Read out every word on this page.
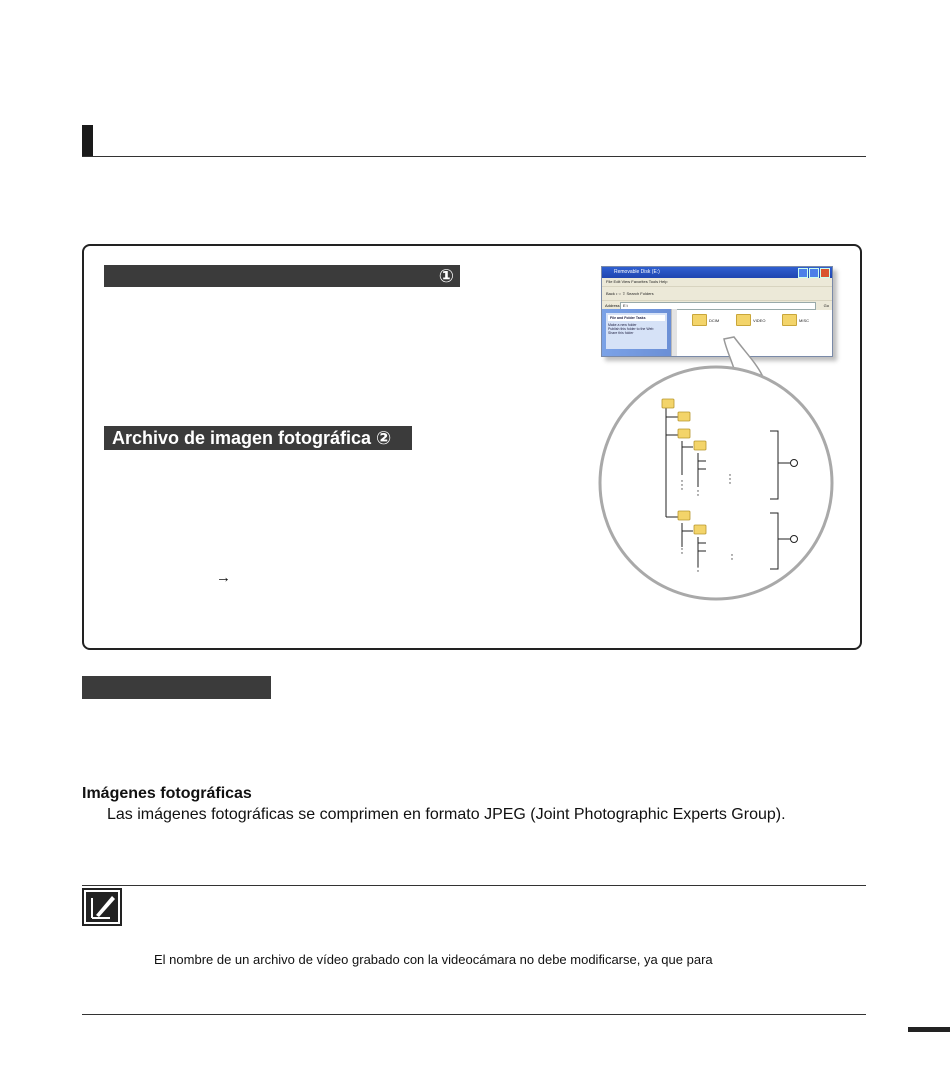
①
Archivo de imagen fotográfica ②
→
Removable Disk (E:)
File Edit View Favorites Tools Help
Back • ○ ⇧ Search Folders
Address E:\	Go
File and Folder Tasks
Make a new folder
Publish this folder to the Web
Share this folder
DCIM	VIDEO	MISC
Imágenes fotográficas
Las imágenes fotográficas se comprimen en formato JPEG (Joint Photographic Experts Group).
El nombre de un archivo de vídeo grabado con la videocámara no debe modificarse, ya que para
